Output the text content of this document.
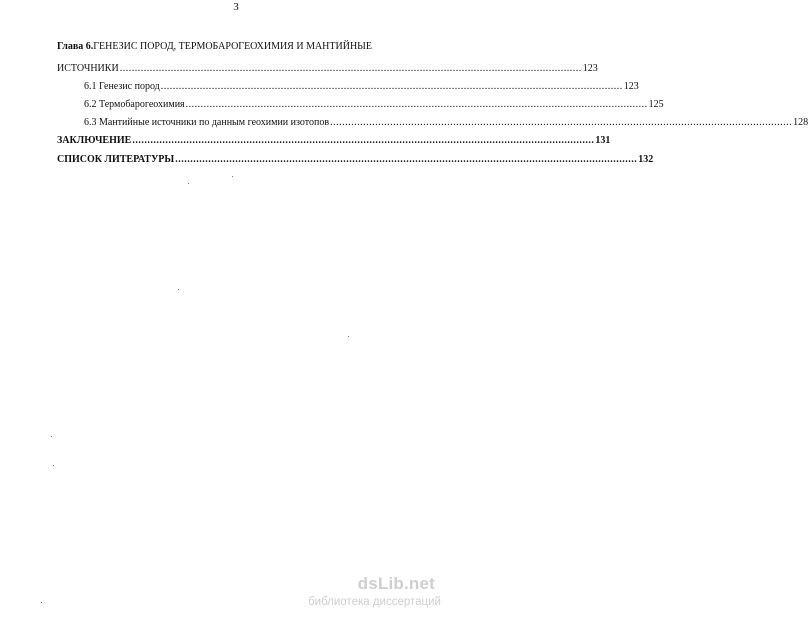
3
Глава 6. ГЕНЕЗИС ПОРОД, ТЕРМОБАРОГЕОХИМИЯ И МАНТИЙНЫЕ
ИСТОЧНИКИ .......................................................................................................................................................... 123
6.1 Генезис пород .......................................................................................................................................................... 123
6.2 Термобарогеохимия .......................................................................................................................................................... 125
6.3 Мантийные источники по данным геохимии изотопов .......................................................................................................................................................... 128
ЗАКЛЮЧЕНИЕ .......................................................................................................................................................... 131
СПИСОК ЛИТЕРАТУРЫ .......................................................................................................................................................... 132
dsLib.net
библиотека диссертаций
